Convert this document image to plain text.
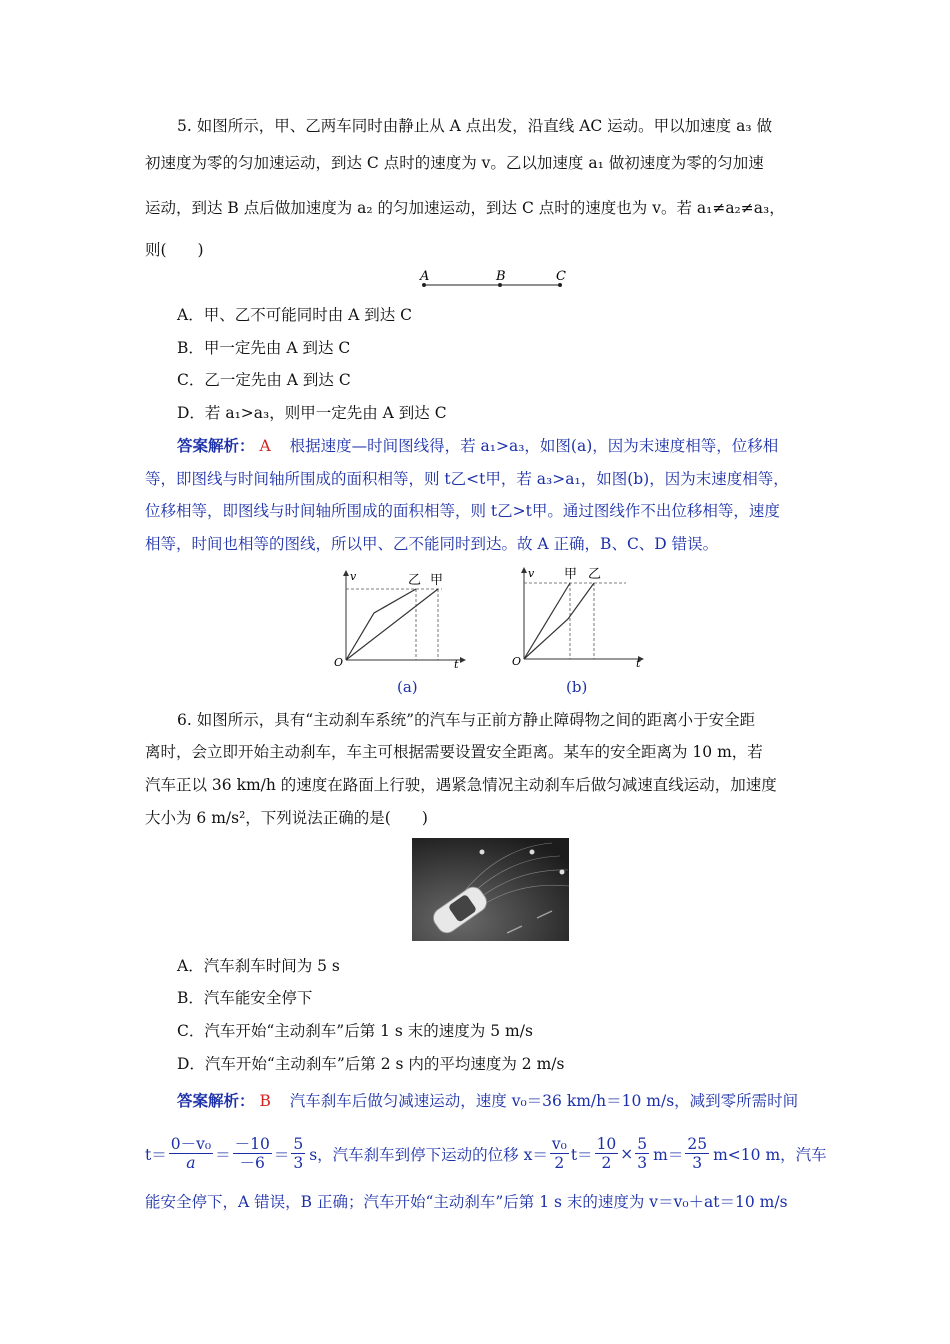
5. 如图所示，甲、乙两车同时由静止从 A 点出发，沿直线 AC 运动。甲以加速度 a₃ 做
初速度为零的匀加速运动，到达 C 点时的速度为 v。乙以加速度 a₁ 做初速度为零的匀加速
运动，到达 B 点后做加速度为 a₂ 的匀加速运动，到达 C 点时的速度也为 v。若 a₁≠a₂≠a₃，
则(　　)
A	B	C
A．甲、乙不可能同时由 A 到达 C
B．甲一定先由 A 到达 C
C．乙一定先由 A 到达 C
D．若 a₁>a₃，则甲一定先由 A 到达 C
答案解析： A 根据速度—时间图线得，若 a₁>a₃，如图(a)，因为末速度相等，位移相
等，即图线与时间轴所围成的面积相等，则 t乙<t甲，若 a₃>a₁，如图(b)，因为末速度相等，
位移相等，即图线与时间轴所围成的面积相等，则 t乙>t甲。通过图线作不出位移相等，速度
相等，时间也相等的图线，所以甲、乙不能同时到达。故 A 正确，B、C、D 错误。
v
t
O
乙 甲
(a)
v
t
O
甲 乙
(b)
6. 如图所示，具有“主动刹车系统”的汽车与正前方静止障碍物之间的距离小于安全距
离时，会立即开始主动刹车，车主可根据需要设置安全距离。某车的安全距离为 10 m，若
汽车正以 36 km/h 的速度在路面上行驶，遇紧急情况主动刹车后做匀减速直线运动，加速度
大小为 6 m/s²，下列说法正确的是(　　)
A．汽车刹车时间为 5 s
B．汽车能安全停下
C．汽车开始“主动刹车”后第 1 s 末的速度为 5 m/s
D．汽车开始“主动刹车”后第 2 s 内的平均速度为 2 m/s
答案解析： B 汽车刹车后做匀减速运动，速度 v₀＝36 km/h＝10 m/s，减到零所需时间
t＝
0－v₀
a ＝
－10
－6 ＝
5
3 s，汽车刹车到停下运动的位移 x＝
v₀
2 $t= \frac{10}{2} \times \frac{5}{3} m=$
25
3 m<10 m，汽车
能安全停下，A 错误，B 正确；汽车开始“主动刹车”后第 1 s 末的速度为 v＝v₀＋at＝10 m/s
